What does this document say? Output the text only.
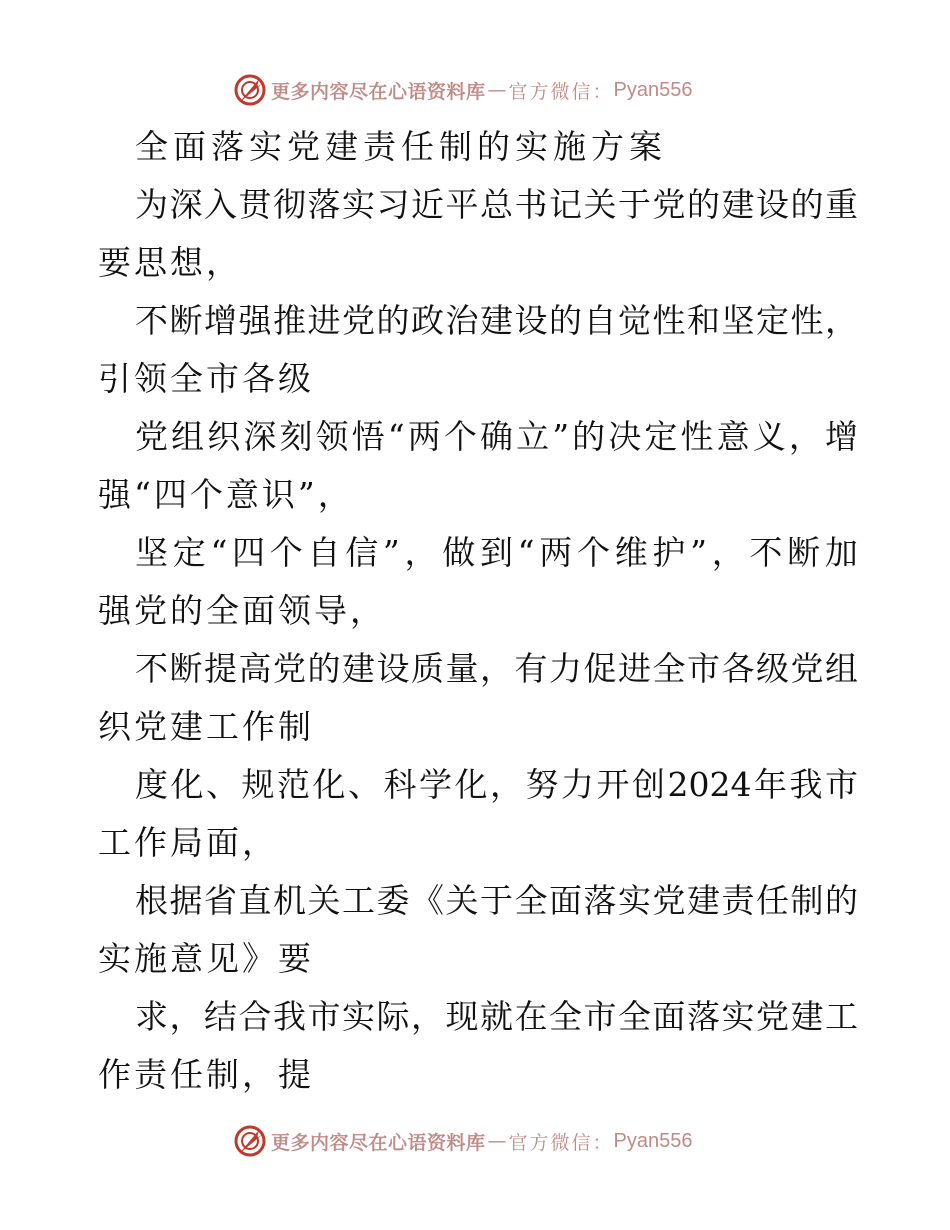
更多内容尽在心语资料库 — 官方微信： Pyan556
全面落实党建责任制的实施方案
为 深 入 贯 彻 落 实 习 近 平 总 书 记 关 于 党 的 建 设 的 重
要思想，
不 断 增 强 推 进 党 的 政 治 建 设 的 自 觉 性 和 坚 定 性 ，
引领全市各级
党 组 织 深 刻 领 悟 “ 两 个 确 立 ” 的 决 定 性 意 义 ， 增
强“四个意识”，
坚 定 “ 四 个 自 信 ” ， 做 到 “ 两 个 维 护 ” ， 不 断 加
强党的全面领导，
不 断 提 高 党 的 建 设 质 量 ， 有 力 促 进 全 市 各 级 党 组
织党建工作制
度 化 、 规 范 化 、 科 学 化 ， 努 力 开 创 2024 年 我 市
工作局面，
根 据 省 直 机 关 工 委 《 关 于 全 面 落 实 党 建 责 任 制 的
实施意见》要
求 ， 结 合 我 市 实 际 ， 现 就 在 全 市 全 面 落 实 党 建 工
作责任制，提
更多内容尽在心语资料库 — 官方微信： Pyan556
